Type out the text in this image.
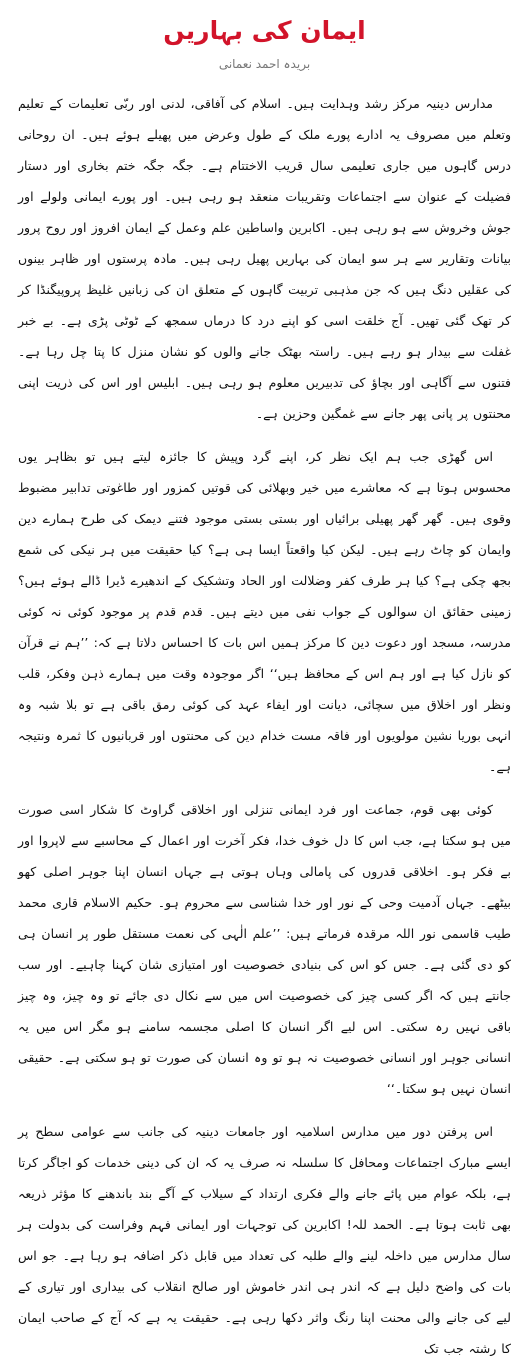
ایمان کی بہاریں
بریدہ احمد نعمانی

مدارس دینیہ مرکز رشد وہدایت ہیں۔ اسلام کی آفاقی، لدنی اور ربّی تعلیمات کے تعلیم وتعلم میں مصروف یہ ادارے پورے ملک کے طول وعرض میں پھیلے ہوئے ہیں۔ ان روحانی درس گاہوں میں جاری تعلیمی سال قریب الاختتام ہے۔ جگہ جگہ ختم بخاری اور دستار فضیلت کے عنوان سے اجتماعات وتقریبات منعقد ہو رہی ہیں۔ اور پورے ایمانی ولولے اور جوش وخروش سے ہو رہی ہیں۔ اکابرین واساطین علم وعمل کے ایمان افروز اور روح پرور بیانات وتقاریر سے ہر سو ایمان کی بہاریں پھیل رہی ہیں۔ مادہ پرستوں اور ظاہر بینوں کی عقلیں دنگ ہیں کہ جن مذہبی تربیت گاہوں کے متعلق ان کی زبانیں غلیظ پروپیگنڈا کر کر تھک گئی تھیں۔ آج خلقت اسی کو اپنے درد کا درماں سمجھ کے ٹوٹی پڑی ہے۔ بے خبر غفلت سے بیدار ہو رہے ہیں۔ راستہ بھٹک جانے والوں کو نشان منزل کا پتا چل رہا ہے۔ فتنوں سے آگاہی اور بچاؤ کی تدبیریں معلوم ہو رہی ہیں۔ ابلیس اور اس کی ذریت اپنی محنتوں پر پانی پھر جانے سے غمگین وحزین ہے۔

اس گھڑی جب ہم ایک نظر کر، اپنے گرد وپیش کا جائزہ لیتے ہیں تو بظاہر یوں محسوس ہوتا ہے کہ معاشرے میں خیر وبھلائی کی قوتیں کمزور اور طاغوتی تدابیر مضبوط وقوی ہیں۔ گھر گھر پھیلی برائیاں اور بستی بستی موجود فتنے دیمک کی طرح ہمارے دین وایمان کو چاٹ رہے ہیں۔ لیکن کیا واقعتاً ایسا ہی ہے؟ کیا حقیقت میں ہر نیکی کی شمع بجھ چکی ہے؟ کیا ہر طرف کفر وضلالت اور الحاد وتشکیک کے اندھیرے ڈیرا ڈالے ہوئے ہیں؟ زمینی حقائق ان سوالوں کے جواب نفی میں دیتے ہیں۔ قدم قدم پر موجود کوئی نہ کوئی مدرسہ، مسجد اور دعوت دین کا مرکز ہمیں اس بات کا احساس دلاتا ہے کہ: ’’ہم نے قرآن کو نازل کیا ہے اور ہم اس کے محافظ ہیں‘‘ اگر موجودہ وقت میں ہمارے ذہن وفکر، قلب ونظر اور اخلاق میں سچائی، دیانت اور ایفاء عہد کی کوئی رمق باقی ہے تو بلا شبہ وہ انہی بوریا نشین مولویوں اور فاقہ مست خدام دین کی محنتوں اور قربانیوں کا ثمرہ ونتیجہ ہے۔

کوئی بھی قوم، جماعت اور فرد ایمانی تنزلی اور اخلاقی گراوٹ کا شکار اسی صورت میں ہو سکتا ہے، جب اس کا دل خوف خدا، فکر آخرت اور اعمال کے محاسبے سے لاپروا اور بے فکر ہو۔ اخلاقی قدروں کی پامالی وہاں ہوتی ہے جہاں انسان اپنا جوہر اصلی کھو بیٹھے۔ جہاں آدمیت وحی کے نور اور خدا شناسی سے محروم ہو۔ حکیم الاسلام قاری محمد طیب قاسمی نور اللہ مرقدہ فرماتے ہیں: ’’علم الٰہی کی نعمت مستقل طور پر انسان ہی کو دی گئی ہے۔ جس کو اس کی بنیادی خصوصیت اور امتیازی شان کہنا چاہیے۔ اور سب جانتے ہیں کہ اگر کسی چیز کی خصوصیت اس میں سے نکال دی جائے تو وہ چیز، وہ چیز باقی نہیں رہ سکتی۔ اس لیے اگر انسان کا اصلی مجسمہ سامنے ہو مگر اس میں یہ انسانی جوہر اور انسانی خصوصیت نہ ہو تو وہ انسان کی صورت تو ہو سکتی ہے۔ حقیقی انسان نہیں ہو سکتا۔‘‘

اس پرفتن دور میں مدارس اسلامیہ اور جامعات دینیہ کی جانب سے عوامی سطح پر ایسے مبارک اجتماعات ومحافل کا سلسلہ نہ صرف یہ کہ ان کی دینی خدمات کو اجاگر کرتا ہے، بلکہ عوام میں پائے جانے والے فکری ارتداد کے سیلاب کے آگے بند باندھنے کا مؤثر ذریعہ بھی ثابت ہوتا ہے۔ الحمد للہ! اکابرین کی توجہات اور ایمانی فہم وفراست کی بدولت ہر سال مدارس میں داخلہ لینے والے طلبہ کی تعداد میں قابل ذکر اضافہ ہو رہا ہے۔ جو اس بات کی واضح دلیل ہے کہ اندر ہی اندر خاموش اور صالح انقلاب کی بیداری اور تیاری کے لیے کی جانے والی محنت اپنا رنگ واثر دکھا رہی ہے۔ حقیقت یہ ہے کہ آج کے صاحب ایمان کا رشتہ جب تک
